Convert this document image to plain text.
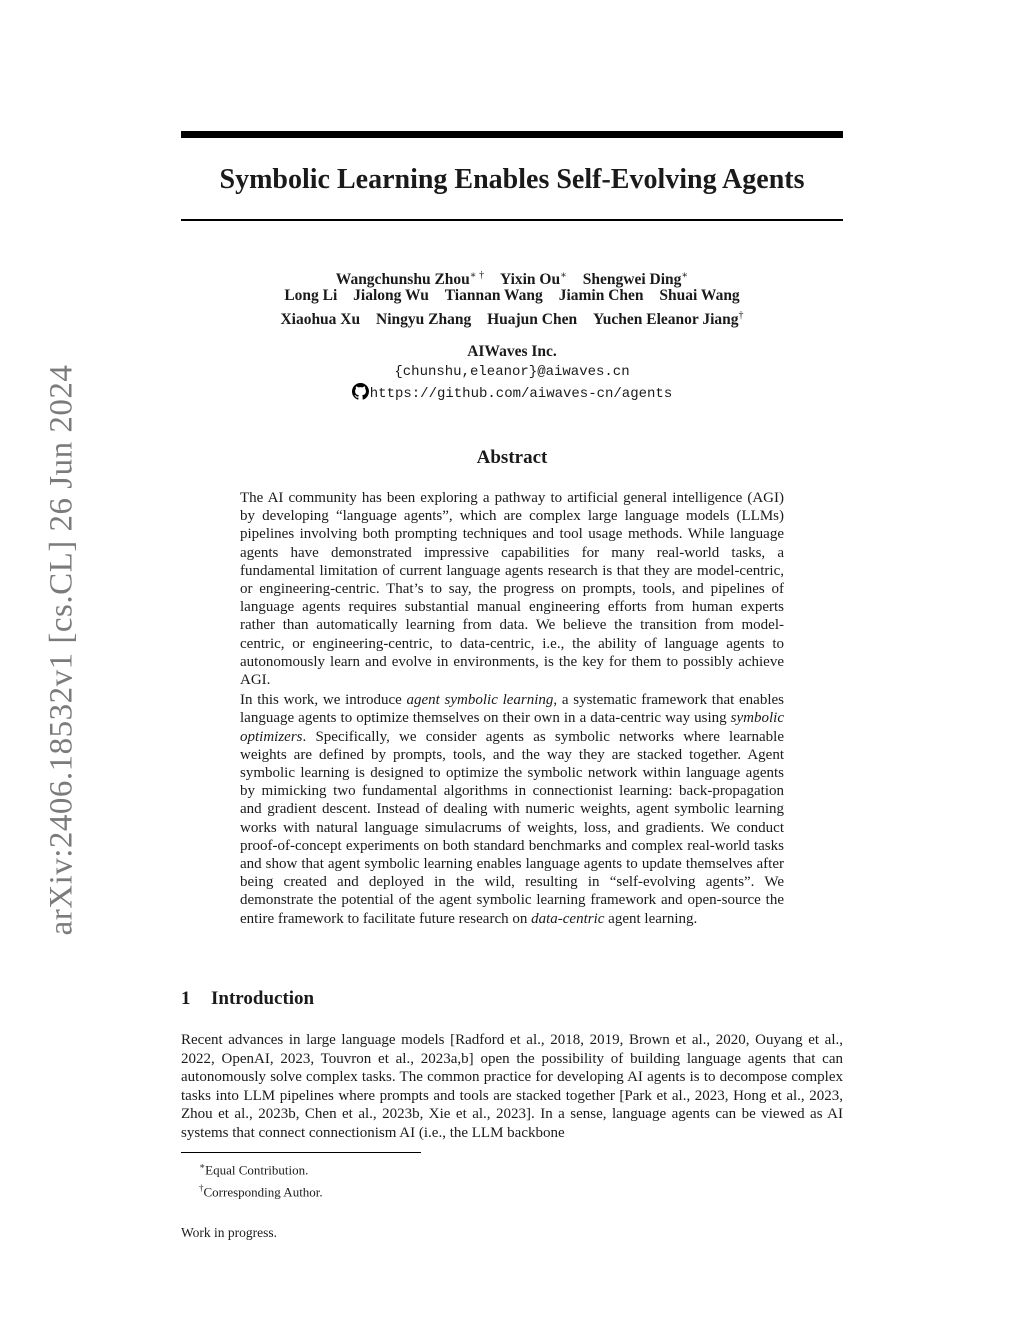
arXiv:2406.18532v1 [cs.CL] 26 Jun 2024
Symbolic Learning Enables Self-Evolving Agents
Wangchunshu Zhou∗ † Yixin Ou∗ Shengwei Ding∗
Long Li Jialong Wu Tiannan Wang Jiamin Chen Shuai Wang
Xiaohua Xu Ningyu Zhang Huajun Chen Yuchen Eleanor Jiang†
AIWaves Inc.
{chunshu,eleanor}@aiwaves.cn
https://github.com/aiwaves-cn/agents
Abstract

The AI community has been exploring a pathway to artificial general intelligence (AGI) by developing “language agents”, which are complex large language models (LLMs) pipelines involving both prompting techniques and tool usage methods. While language agents have demonstrated impressive capabilities for many real-world tasks, a fundamental limitation of current language agents research is that they are model-centric, or engineering-centric. That’s to say, the progress on prompts, tools, and pipelines of language agents requires substantial manual engineering efforts from human experts rather than automatically learning from data. We believe the transition from model-centric, or engineering-centric, to data-centric, i.e., the ability of language agents to autonomously learn and evolve in environments, is the key for them to possibly achieve AGI.

In this work, we introduce agent symbolic learning, a systematic framework that enables language agents to optimize themselves on their own in a data-centric way using symbolic optimizers. Specifically, we consider agents as symbolic networks where learnable weights are defined by prompts, tools, and the way they are stacked together. Agent symbolic learning is designed to optimize the symbolic network within language agents by mimicking two fundamental algorithms in connectionist learning: back-propagation and gradient descent. Instead of dealing with numeric weights, agent symbolic learning works with natural language simulacrums of weights, loss, and gradients. We conduct proof-of-concept experiments on both standard benchmarks and complex real-world tasks and show that agent symbolic learning enables language agents to update themselves after being created and deployed in the wild, resulting in “self-evolving agents”. We demonstrate the potential of the agent symbolic learning framework and open-source the entire framework to facilitate future research on data-centric agent learning.

1 Introduction

Recent advances in large language models [Radford et al., 2018, 2019, Brown et al., 2020, Ouyang et al., 2022, OpenAI, 2023, Touvron et al., 2023a,b] open the possibility of building language agents that can autonomously solve complex tasks. The common practice for developing AI agents is to decompose complex tasks into LLM pipelines where prompts and tools are stacked together [Park et al., 2023, Hong et al., 2023, Zhou et al., 2023b, Chen et al., 2023b, Xie et al., 2023]. In a sense, language agents can be viewed as AI systems that connect connectionism AI (i.e., the LLM backbone

∗Equal Contribution.
†Corresponding Author.
Work in progress.
